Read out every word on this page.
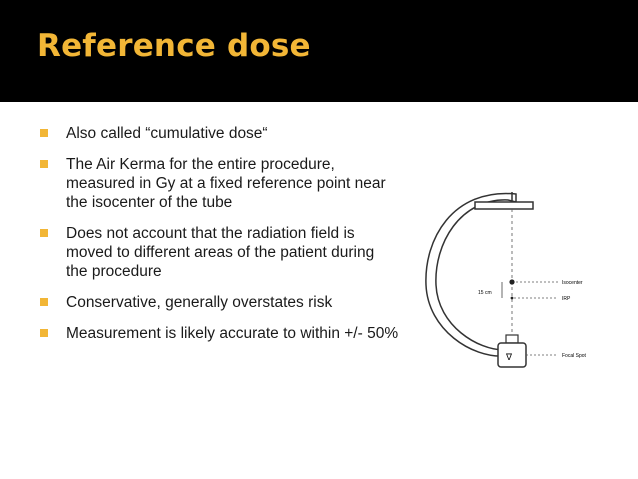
Reference dose
Also called “cumulative dose“
The Air Kerma for the entire procedure, measured in Gy at a fixed reference point near the isocenter of the tube
Does not account that the radiation field is moved to different areas of the patient during the procedure
Conservative, generally overstates risk
Measurement is likely accurate to within +/- 50%
15 cm
Isocenter
IRP
∇	Focal Spot
